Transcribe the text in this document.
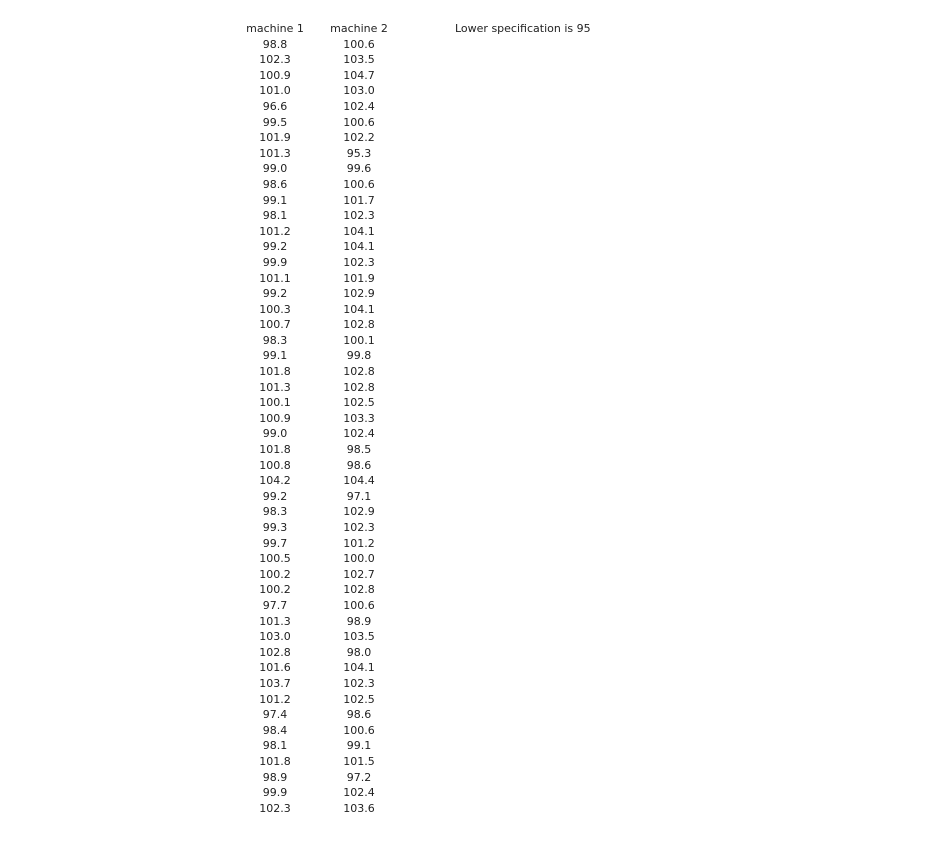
machine 1	machine 2
98.8	100.6
102.3	103.5
100.9	104.7
101.0	103.0
96.6	102.4
99.5	100.6
101.9	102.2
101.3	95.3
99.0	99.6
98.6	100.6
99.1	101.7
98.1	102.3
101.2	104.1
99.2	104.1
99.9	102.3
101.1	101.9
99.2	102.9
100.3	104.1
100.7	102.8
98.3	100.1
99.1	99.8
101.8	102.8
101.3	102.8
100.1	102.5
100.9	103.3
99.0	102.4
101.8	98.5
100.8	98.6
104.2	104.4
99.2	97.1
98.3	102.9
99.3	102.3
99.7	101.2
100.5	100.0
100.2	102.7
100.2	102.8
97.7	100.6
101.3	98.9
103.0	103.5
102.8	98.0
101.6	104.1
103.7	102.3
101.2	102.5
97.4	98.6
98.4	100.6
98.1	99.1
101.8	101.5
98.9	97.2
99.9	102.4
102.3	103.6
Lower specification is 95
